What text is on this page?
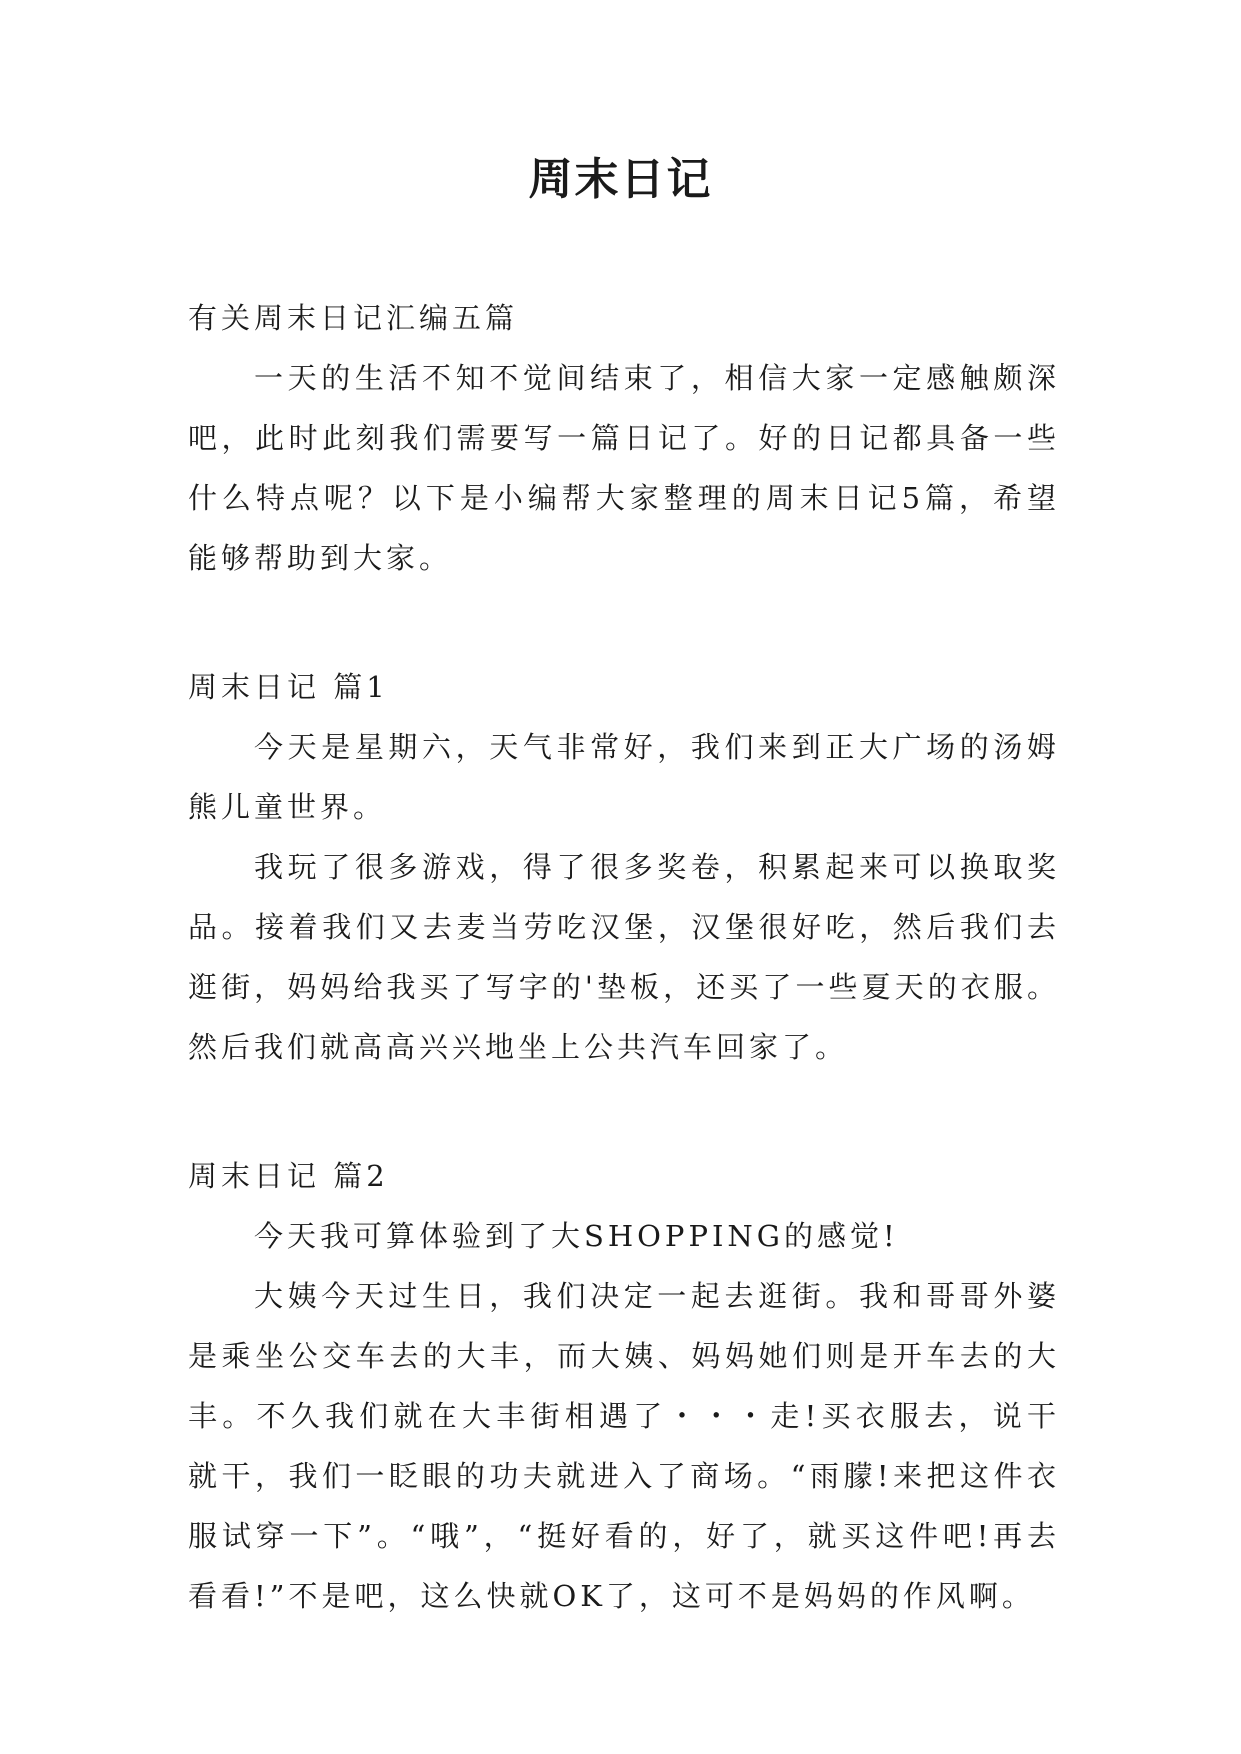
周末日记

有关周末日记汇编五篇

一天的生活不知不觉间结束了，相信大家一定感触颇深吧，此时此刻我们需要写一篇日记了。好的日记都具备一些什么特点呢？以下是小编帮大家整理的周末日记5篇，希望能够帮助到大家。

周末日记 篇1

今天是星期六，天气非常好，我们来到正大广场的汤姆熊儿童世界。

我玩了很多游戏，得了很多奖卷，积累起来可以换取奖品。接着我们又去麦当劳吃汉堡，汉堡很好吃，然后我们去逛街，妈妈给我买了写字的'垫板，还买了一些夏天的衣服。然后我们就高高兴兴地坐上公共汽车回家了。

周末日记 篇2

今天我可算体验到了大SHOPPING的感觉!

大姨今天过生日，我们决定一起去逛街。我和哥哥外婆是乘坐公交车去的大丰，而大姨、妈妈她们则是开车去的大丰。不久我们就在大丰街相遇了・・・走!买衣服去，说干就干，我们一眨眼的功夫就进入了商场。“雨朦!来把这件衣服试穿一下”。“哦”，“挺好看的，好了，就买这件吧!再去看看!”不是吧，这么快就OK了，这可不是妈妈的作风啊。
